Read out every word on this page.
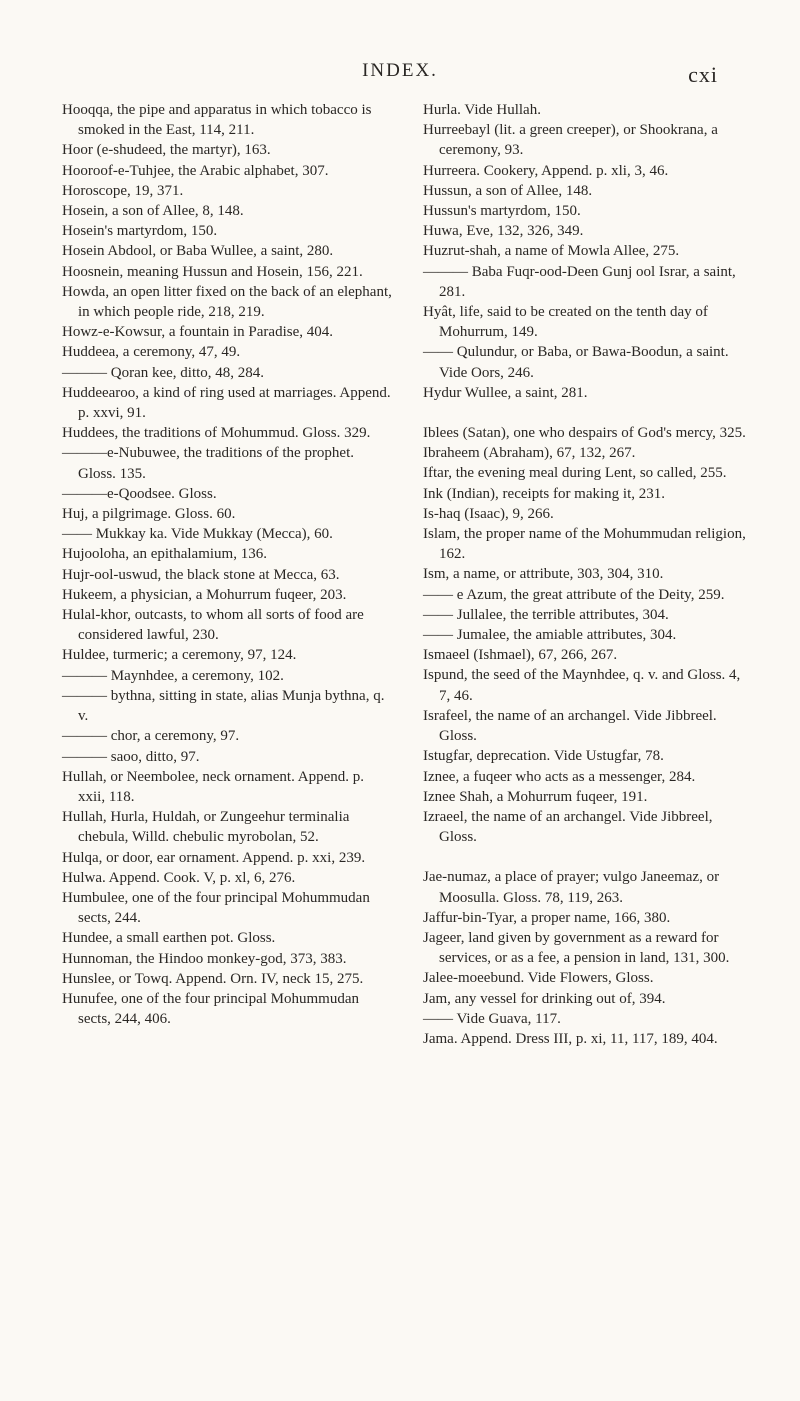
INDEX.	cxi

Hooqqa, the pipe and apparatus in which tobacco is smoked in the East, 114, 211.

Hoor (e-shudeed, the martyr), 163.

Hooroof-e-Tuhjee, the Arabic alphabet, 307.

Horoscope, 19, 371.

Hosein, a son of Allee, 8, 148.

Hosein's martyrdom, 150.

Hosein Abdool, or Baba Wullee, a saint, 280.

Hoosnein, meaning Hussun and Hosein, 156, 221.

Howda, an open litter fixed on the back of an elephant, in which people ride, 218, 219.

Howz-e-Kowsur, a fountain in Paradise, 404.

Huddeea, a ceremony, 47, 49.

——— Qoran kee, ditto, 48, 284.

Huddeearoo, a kind of ring used at marriages. Append. p. xxvi, 91.

Huddees, the traditions of Mohummud. Gloss. 329.

———e-Nubuwee, the traditions of the prophet. Gloss. 135.

———e-Qoodsee. Gloss.

Huj, a pilgrimage. Gloss. 60.

—— Mukkay ka. Vide Mukkay (Mecca), 60.

Hujooloha, an epithalamium, 136.

Hujr-ool-uswud, the black stone at Mecca, 63.

Hukeem, a physician, a Mohurrum fuqeer, 203.

Hulal-khor, outcasts, to whom all sorts of food are considered lawful, 230.

Huldee, turmeric; a ceremony, 97, 124.

——— Maynhdee, a ceremony, 102.

——— bythna, sitting in state, alias Munja bythna, q. v.

——— chor, a ceremony, 97.

——— saoo, ditto, 97.

Hullah, or Neembolee, neck ornament. Append. p. xxii, 118.

Hullah, Hurla, Huldah, or Zungeehur terminalia chebula, Willd. chebulic myrobolan, 52.

Hulqa, or door, ear ornament. Append. p. xxi, 239.

Hulwa. Append. Cook. V, p. xl, 6, 276.

Humbulee, one of the four principal Mohummudan sects, 244.

Hundee, a small earthen pot. Gloss.

Hunnoman, the Hindoo monkey-god, 373, 383.

Hunslee, or Towq. Append. Orn. IV, neck 15, 275.

Hunufee, one of the four principal Mohummudan sects, 244, 406.

Hurla. Vide Hullah.

Hurreebayl (lit. a green creeper), or Shookrana, a ceremony, 93.

Hurreera. Cookery, Append. p. xli, 3, 46.

Hussun, a son of Allee, 148.

Hussun's martyrdom, 150.

Huwa, Eve, 132, 326, 349.

Huzrut-shah, a name of Mowla Allee, 275.

——— Baba Fuqr-ood-Deen Gunj ool Israr, a saint, 281.

Hyât, life, said to be created on the tenth day of Mohurrum, 149.

—— Qulundur, or Baba, or Bawa-Boodun, a saint. Vide Oors, 246.

Hydur Wullee, a saint, 281.

Iblees (Satan), one who despairs of God's mercy, 325.

Ibraheem (Abraham), 67, 132, 267.

Iftar, the evening meal during Lent, so called, 255.

Ink (Indian), receipts for making it, 231.

Is-haq (Isaac), 9, 266.

Islam, the proper name of the Mohummudan religion, 162.

Ism, a name, or attribute, 303, 304, 310.

—— e Azum, the great attribute of the Deity, 259.

—— Jullalee, the terrible attributes, 304.

—— Jumalee, the amiable attributes, 304.

Ismaeel (Ishmael), 67, 266, 267.

Ispund, the seed of the Maynhdee, q. v. and Gloss. 4, 7, 46.

Israfeel, the name of an archangel. Vide Jibbreel. Gloss.

Istugfar, deprecation. Vide Ustugfar, 78.

Iznee, a fuqeer who acts as a messenger, 284.

Iznee Shah, a Mohurrum fuqeer, 191.

Izraeel, the name of an archangel. Vide Jibbreel, Gloss.

Jae-numaz, a place of prayer; vulgo Janeemaz, or Moosulla. Gloss. 78, 119, 263.

Jaffur-bin-Tyar, a proper name, 166, 380.

Jageer, land given by government as a reward for services, or as a fee, a pension in land, 131, 300.

Jalee-moeebund. Vide Flowers, Gloss.

Jam, any vessel for drinking out of, 394.

—— Vide Guava, 117.

Jama. Append. Dress III, p. xi, 11, 117, 189, 404.
